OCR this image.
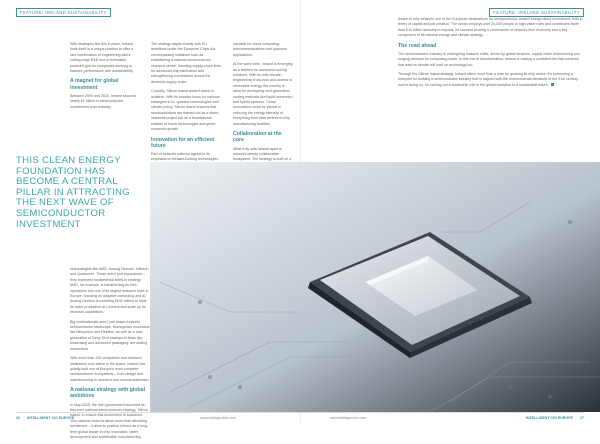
FEATURE: IRELAND SUSTAINABILITY	FEATURE: IRELAND SUSTAINABILITY

With strategies like this in place, Ireland finds itself in a unique position to offer a rare combination of engineering talent, cutting-edge R&D and a renewable-powered grid for companies seeking to balance performance with sustainability.

A magnet for global investment

Between 2000 and 2020, Ireland secured nearly €1 billion in semiconductor investments from industry

THIS CLEAN ENERGY FOUNDATION HAS BECOME A CENTRAL PILLAR IN ATTRACTING THE NEXT WAVE OF SEMICONDUCTOR INVESTMENT

The strategy aligns closely with EU ambitions under the European Chips Act, encompassing initiatives such as establishing a national semiconductor research centre, boosting supply-chain links for advanced chip fabrication and strengthening connections across the domestic supply chain.

Crucially, Silicon Island doesn’t stand in isolation. With its broader focus on national strategies in AI, quantum technologies and climate policy, Silicon Island ensures that semiconductors are framed not as a stand-industrial project but as a foundational enabler of future technologies and green economic growth.

Innovation for an efficient future

Part of Ireland’s national appeal is its emphasis on forward-looking technologies

valuable for cloud computing, telecommunications and quantum applications.

At the same time, Ireland is emerging as a testbed for advanced cooling solutions. With its mild climate, engineering know-how and access to renewable energy, the country is ideal for developing next-generation cooling methods like liquid immersion and hybrid systems. These innovations could be pivotal in reducing the energy intensity of everything from data centres to chip manufacturing facilities.

Collaboration at the core

What truly sets Ireland apart is Ireland’s deeply collaborative ecosystem. The strategy is built on a

lesson in why Ireland’s one of the European destinations for semiconductor-related foreign direct investment, both in terms of capital and job creation. The sector employs over 20,000 people in high-value roles and contributes more than €16 billion annually to exports. Its success proving a cornerstone of Ireland’s tech economy and a key component of its national energy and climate strategy.

The road ahead

The semiconductor industry is undergoing massive shifts, driven by global tensions, supply chain restructuring and surging demand for computing power. In this era of transformation, Ireland is making a confident bet that countries that lead on climate will lead on technology too.

Through the Silicon Island strategy, Ireland offers more than a plan for growing its chip sector. It’s presenting a blueprint for building a semiconductor industry that is aligned with the environmental demands of the 21st century. And in doing so, it’s carving out a leadership role in the global transition to a sustainable future.

heavyweights like AMD, Analog Devices, Infineon and Qualcomm. These aren’t just expansions – they represent fundamental shifts in strategy. AMD, for example, is transforming its Irish operations into one of its largest research hubs in Europe, focusing on adaptive computing and AI. Analog Devices is investing €630 million to triple its wafer production at Limerick and scale up its research capabilities.

Big multinationals aren’t just drawn Ireland’s semiconductor landscape. Homegrown innovators like Mbryonics and Fieldfisk, as well as a new generation of Deep Tech startups in fields like biosensing and advanced packaging, are adding momentum.

With more than 130 companies and research institutions now active in the space, Ireland has quietly built one of Europe’s most complete semiconductor ecosystems – from design and manufacturing to research and commercialisation.

A national strategy with global ambitions

In May 2025, the Irish government launched its first-ever national semiconductor strategy, Silicon Island, to ensure this momentum is sustained. This national vision is about more than attracting investment – it aims to position Ireland as a long-term global leader in chip innovation, talent development and sustainable manufacturing.

26 INTELLIGENT CIO EUROPE	www.intelligentcio.com	www.intelligentcio.com	INTELLIGENT CIO EUROPE 27
